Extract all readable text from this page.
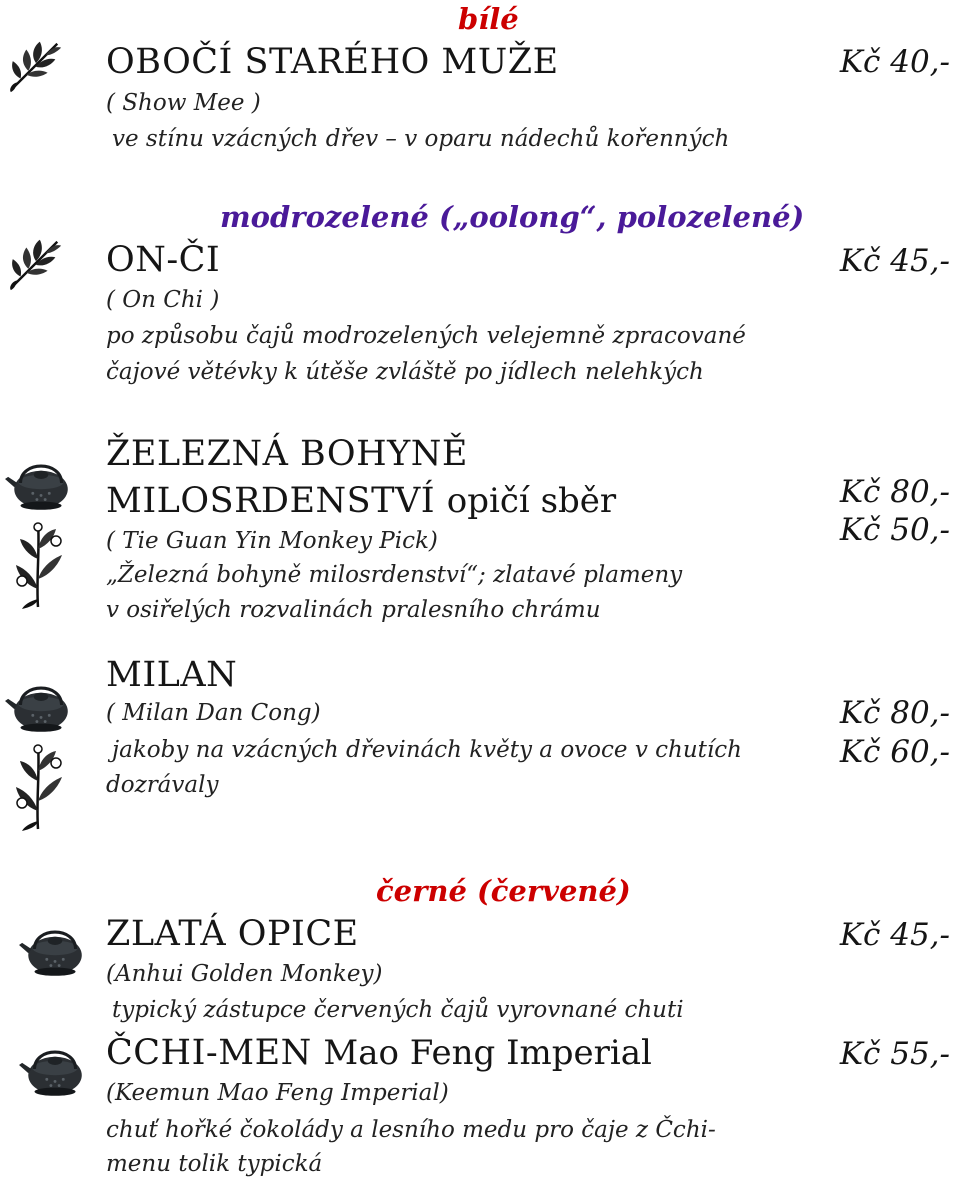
bílé
OBOČÍ STARÉHO MUŽE
( Show Mee )
ve stínu vzácných dřev – v oparu nádechů kořenných
Kč 40,-
modrozelené („oolong“, polozelené)
ON-ČI
( On Chi )
po způsobu čajů modrozelených velejemně zpracované
čajové větévky k útěše zvláště po jídlech nelehkých
Kč 45,-
ŽELEZNÁ BOHYNĚ
MILOSRDENSTVÍ opičí sběr
( Tie Guan Yin Monkey Pick)
„Železná bohyně milosrdenství“; zlatavé plameny
v osiřelých rozvalinách pralesního chrámu
Kč 80,-
Kč 50,-
MILAN
( Milan Dan Cong)
jakoby na vzácných dřevinách květy a ovoce v chutích
dozrávaly
Kč 80,-
Kč 60,-
černé (červené)
ZLATÁ OPICE
(Anhui Golden Monkey)
typický zástupce červených čajů vyrovnané chuti
Kč 45,-
ČCHI-MEN Mao Feng Imperial
(Keemun Mao Feng Imperial)
chuť hořké čokolády a lesního medu pro čaje z Čchi-
menu tolik typická
Kč 55,-
